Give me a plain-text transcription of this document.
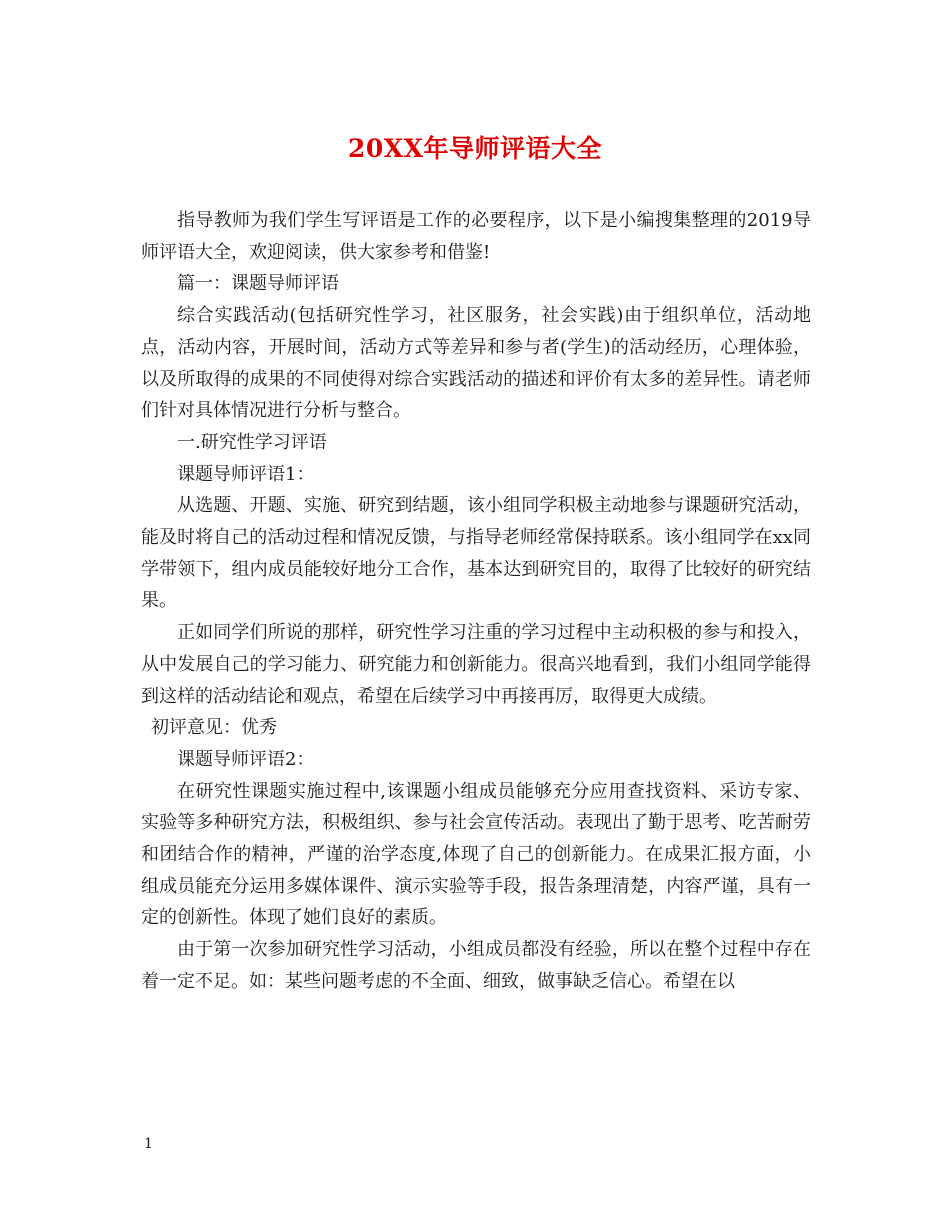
20XX年导师评语大全

指导教师为我们学生写评语是工作的必要程序，以下是小编搜集整理的2019导师评语大全，欢迎阅读，供大家参考和借鉴!

篇一：课题导师评语

综合实践活动(包括研究性学习，社区服务，社会实践)由于组织单位，活动地点，活动内容，开展时间，活动方式等差异和参与者(学生)的活动经历，心理体验，以及所取得的成果的不同使得对综合实践活动的描述和评价有太多的差异性。请老师们针对具体情况进行分析与整合。

一.研究性学习评语

课题导师评语1：

从选题、开题、实施、研究到结题，该小组同学积极主动地参与课题研究活动，能及时将自己的活动过程和情况反馈，与指导老师经常保持联系。该小组同学在xx同学带领下，组内成员能较好地分工合作，基本达到研究目的，取得了比较好的研究结果。

正如同学们所说的那样，研究性学习注重的学习过程中主动积极的参与和投入，从中发展自己的学习能力、研究能力和创新能力。很高兴地看到，我们小组同学能得到这样的活动结论和观点，希望在后续学习中再接再厉，取得更大成绩。

初评意见：优秀

课题导师评语2：

在研究性课题实施过程中,该课题小组成员能够充分应用查找资料、采访专家、实验等多种研究方法，积极组织、参与社会宣传活动。表现出了勤于思考、吃苦耐劳和团结合作的精神，严谨的治学态度,体现了自己的创新能力。在成果汇报方面，小组成员能充分运用多媒体课件、演示实验等手段，报告条理清楚，内容严谨，具有一定的创新性。体现了她们良好的素质。

由于第一次参加研究性学习活动，小组成员都没有经验，所以在整个过程中存在着一定不足。如：某些问题考虑的不全面、细致，做事缺乏信心。希望在以

1
